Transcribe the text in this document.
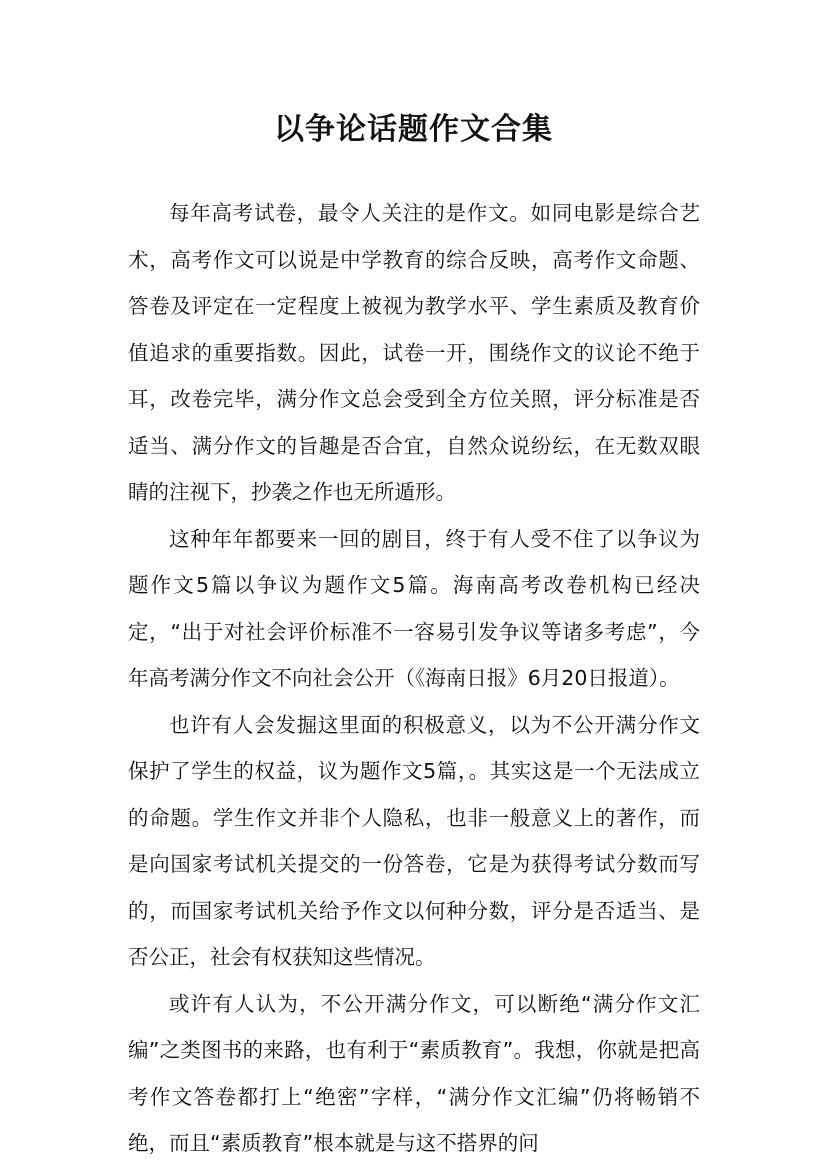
以争论话题作文合集

每年高考试卷，最令人关注的是作文。如同电影是综合艺术，高考作文可以说是中学教育的综合反映，高考作文命题、答卷及评定在一定程度上被视为教学水平、学生素质及教育价值追求的重要指数。因此，试卷一开，围绕作文的议论不绝于耳，改卷完毕，满分作文总会受到全方位关照，评分标准是否适当、满分作文的旨趣是否合宜，自然众说纷纭，在无数双眼睛的注视下，抄袭之作也无所遁形。

这种年年都要来一回的剧目，终于有人受不住了以争议为题作文5篇以争议为题作文5篇。海南高考改卷机构已经决定，“出于对社会评价标准不一容易引发争议等诸多考虑”，今年高考满分作文不向社会公开（《海南日报》6月20日报道）。

也许有人会发掘这里面的积极意义，以为不公开满分作文保护了学生的权益，议为题作文5篇，。其实这是一个无法成立的命题。学生作文并非个人隐私，也非一般意义上的著作，而是向国家考试机关提交的一份答卷，它是为获得考试分数而写的，而国家考试机关给予作文以何种分数，评分是否适当、是否公正，社会有权获知这些情况。

或许有人认为，不公开满分作文，可以断绝“满分作文汇编”之类图书的来路，也有利于“素质教育”。我想，你就是把高考作文答卷都打上“绝密”字样，“满分作文汇编”仍将畅销不绝，而且“素质教育”根本就是与这不搭界的问
